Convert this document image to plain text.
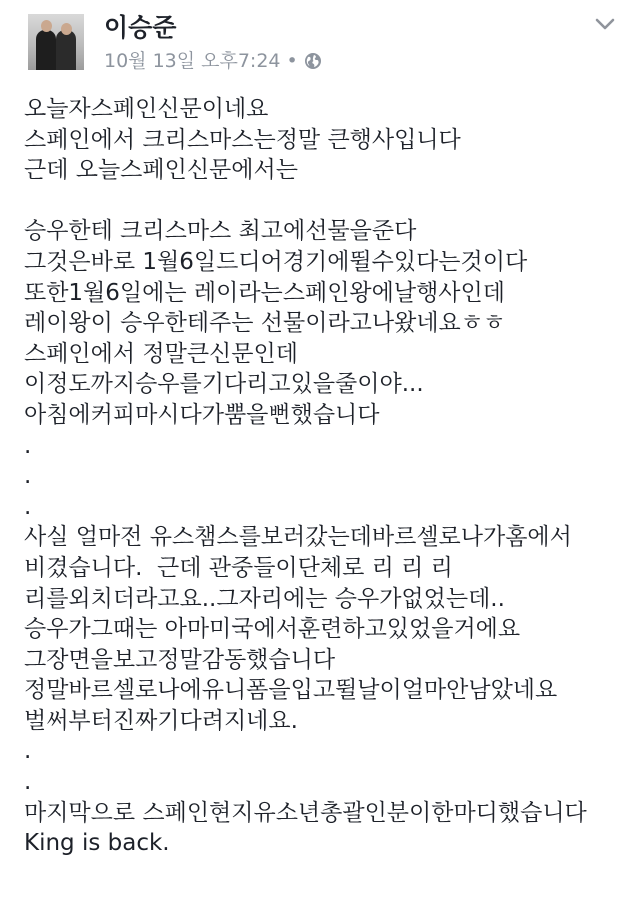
이승준
10월 13일 오후7:24 •
오늘자스페인신문이네요
스페인에서 크리스마스는정말 큰행사입니다
근데 오늘스페인신문에서는
승우한테 크리스마스 최고에선물을준다
그것은바로 1월6일드디어경기에뛸수있다는것이다
또한1월6일에는 레이라는스페인왕에날행사인데
레이왕이 승우한테주는 선물이라고나왔네요ㅎㅎ
스페인에서 정말큰신문인데
이정도까지승우를기다리고있을줄이야...
아침에커피마시다가뿜을뻔했습니다
.
.
.
사실 얼마전 유스챔스를보러갔는데바르셀로나가홈에서
비겼습니다.  근데 관중들이단체로 리 리 리
리를외치더라고요..그자리에는 승우가없었는데..
승우가그때는 아마미국에서훈련하고있었을거에요
그장면을보고정말감동했습니다
정말바르셀로나에유니폼을입고뛸날이얼마안남았네요
벌써부터진짜기다려지네요.
.
.
마지막으로 스페인현지유소년총괄인분이한마디했습니다
King is back.
